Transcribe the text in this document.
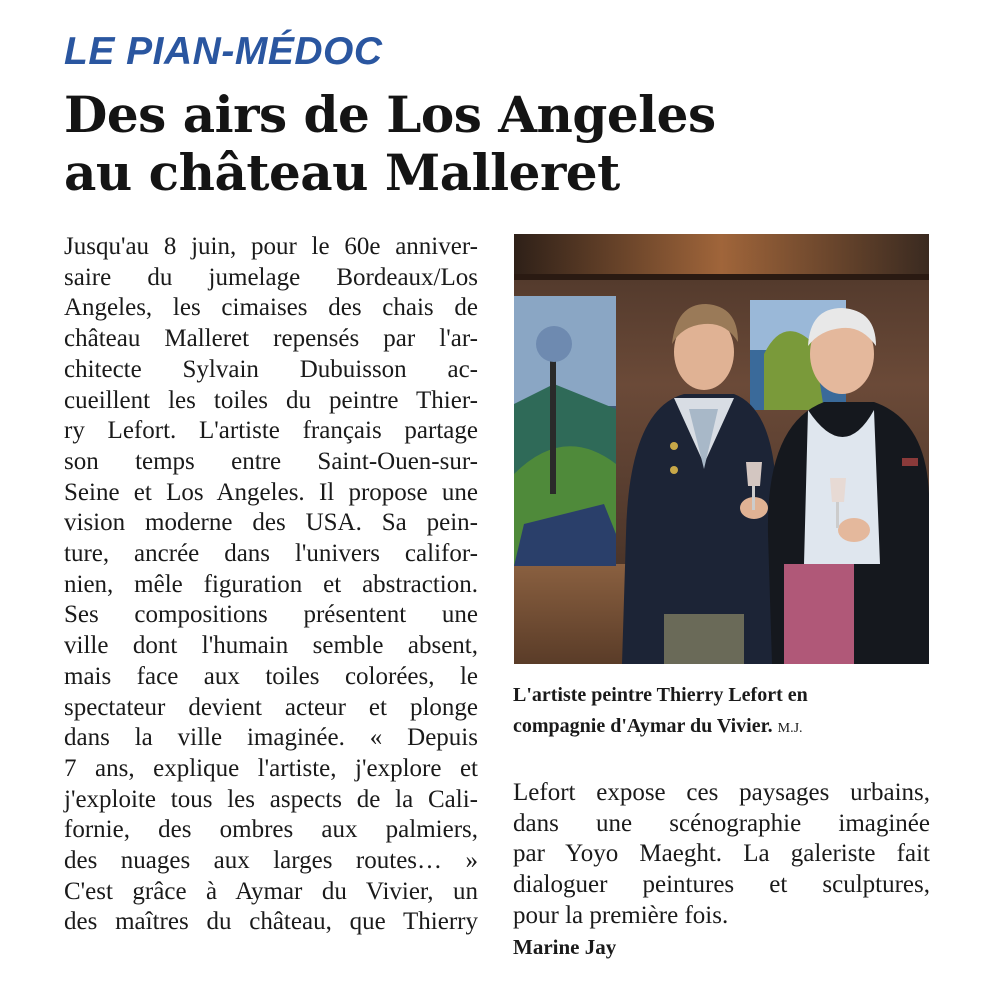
LE PIAN-MÉDOC
Des airs de Los Angeles
au château Malleret
Jusqu'au 8 juin, pour le 60e anniver-
saire du jumelage Bordeaux/Los
Angeles, les cimaises des chais de
château Malleret repensés par l'ar-
chitecte Sylvain Dubuisson ac-
cueillent les toiles du peintre Thier-
ry Lefort. L'artiste français partage
son temps entre Saint-Ouen-sur-
Seine et Los Angeles. Il propose une
vision moderne des USA. Sa pein-
ture, ancrée dans l'univers califor-
nien, mêle figuration et abstraction.
Ses compositions présentent une
ville dont l'humain semble absent,
mais face aux toiles colorées, le
spectateur devient acteur et plonge
dans la ville imaginée. « Depuis
7 ans, explique l'artiste, j'explore et
j'exploite tous les aspects de la Cali-
fornie, des ombres aux palmiers,
des nuages aux larges routes… »
C'est grâce à Aymar du Vivier, un
des maîtres du château, que Thierry
L'artiste peintre Thierry Lefort en
compagnie d'Aymar du Vivier. M.J.
Lefort expose ces paysages urbains,
dans une scénographie imaginée
par Yoyo Maeght. La galeriste fait
dialoguer peintures et sculptures,
pour la première fois.
Marine Jay
